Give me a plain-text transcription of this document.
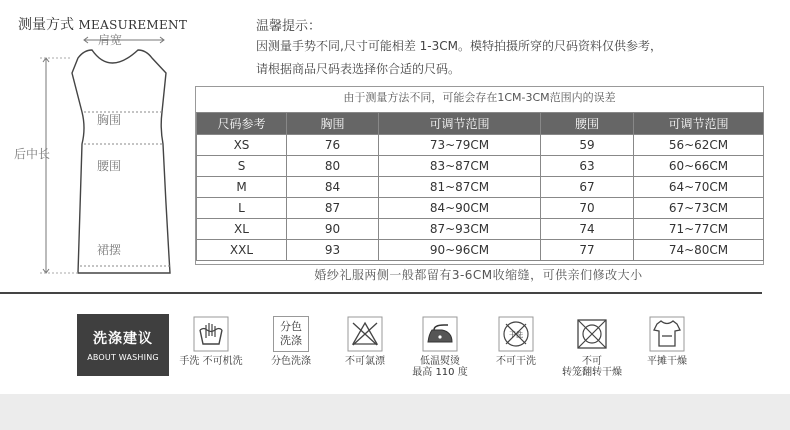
测量方式 MEASUREMENT
肩宽
胸围
腰围
裙摆
后中长
温馨提示：
因测量手势不同,尺寸可能相差 1-3CM。模特拍摄所穿的尺码资料仅供参考，
请根据商品尺码表选择你合适的尺码。
由于测量方法不同，可能会存在1CM-3CM范围内的误差
尺码参考	胸围	可调节范围	腰围	可调节范围
XS	76	73~79CM	59	56~62CM
S	80	83~87CM	63	60~66CM
M	84	81~87CM	67	64~70CM
L	87	84~90CM	70	67~73CM
XL	90	87~93CM	74	71~77CM
XXL	93	90~96CM	77	74~80CM
婚纱礼服两侧一般都留有3-6CM收缩缝，可供亲们修改大小
洗涤建议
ABOUT WASHING	手洗 不可机洗
分色
洗涤
分色洗涤	不可氯漂	低温熨烫
最高 110 度
干洗
不可干洗	不可
转笼翻转干燥
平摊干燥
